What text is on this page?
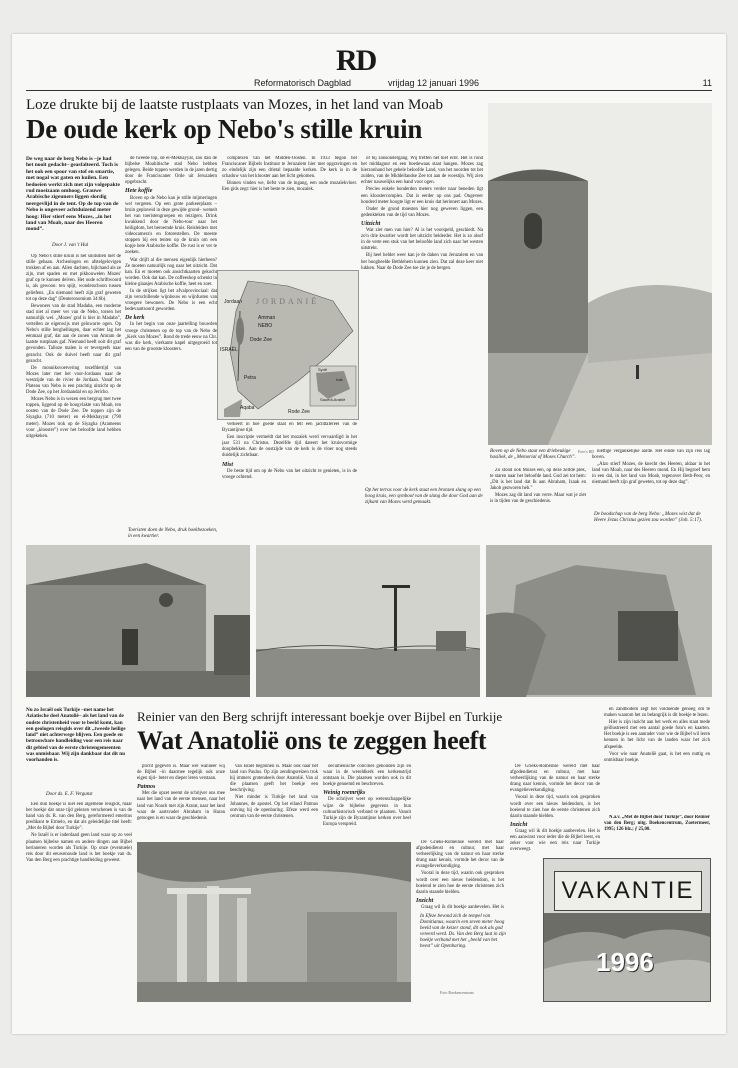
RD
Reformatorisch Dagblad	vrijdag 12 januari 1996	11
Loze drukte bij de laatste rustplaats van Mozes, in het land van Moab
De oude kerk op Nebo's stille kruin
De weg naar de berg Nebo is –je had het nooit gedacht– geasfalteerd. Toch is het ook een spoor van stof en smartie, met nogal wat gaten en kuilen. Een bedoeïen werkt zich met zijn volgepakte rud moeizaam omhoog. Grauwe Arabische zigeuners liggen slordig neergevlijd in de tent. Op de top van de Nebo is ongeveer achtduizend meter hoog: Hier stierf eens Mozes, „in het land van Moab, naar des Heeren mond”.
Door J. van 't Hul

Op Nebo's stille kruin is het sindsdien niet de stille gebaan. Archeologen en afstelgelovigen trokken af en aan. Allen dachten, bijlchand als ze zijn, met spaden en met pikhouwelen Mozes' graf op te kunnen delven. Het oude schriftwoord is, als gewoon: ten spijt, wonderschoon tussen geliefens. „En niemand heeft zijn graf geweten tot op deze dag” (Deuteronomium 34:6b).

Bewoners van de stad Madaba, een moderne stad niet al meer ver van de Nebo, torsen het natuurlijk wel. „Mozes' graf is hier in Madaba”, vertellen ze eigenwijs met geïnwarre ogen. Op Nebo's stille berghellingen, daar echter lag het eenmaal graf, dat aan de zonen van Amram de laatste rustplaats gaf. Niemand heeft ooit dit graf gevonden. Talloze malen is er tevergeefs naar gezocht. Ook de duivel heeft naar dit graf gezocht.

De monniksvoetvering tezelfdertijd van Mozes later met het voor-Jordaans naar de westzijde van de rivier de Jordaan. Vanaf het Plateau van Nebo is een prachtig uitzicht op de Dode Zee, op het Jordaandal en op Jericho.

Mozes Nebo is in wezen een bergrug met twee toppen, liggend op de hoogvlakte van Moab, ten oosten van de Dode Zee. De toppen zijn de Siyagha (710 meter) en el-Mekhayyat (790 meter). Mozes trok op de Siyagha (Arameens voor „klooster”) over het beloofde land hebben uitgekeken.

de tweede top, de el-Mekhayyat, zou dan de bijbelse Moabitische stad Nebo hebben gelegen. Beide toppen werden in de jaren dertig door de Franciscaner Orde uit Jeruzalem opgebracht.

Hete koffie

Boven op de Nebo kan je stille mijmeringen wel vergeten. Op een grote parkeerplaats –bruin geplaveid in deze gewijde grond– wemelt het van toeristengroepen en reizigers. Drink kwakkend door de Nebo-tour naar het heiligdom, het beroemde kruis. Reisleiders met videocamera's en fotorestellen. De meeste stoppen bij een tenten op de kruin om een kopje hete Arabische koffie. De rust is er ver te zoeken.

Wat drijft al die mensen eigenlijk hierheen? Ze moeten natuurlijk nog naar het uitzicht. Dat kan. En er moeten ook ansichtkaarten gekocht worden. Ook dat kan. De coffeeshop schenkt in kleine glaasjes Arabische koffie, heet en zoet.

In de strijken ligt het afvalprovinciaal: dat zijn verschillende wijnbouw en wijnfusten van vroegere bewoners. De Nebo is een echt bedevaartsoord geworden.

De kerk

In het begin van onze jaartelling bouwden vroege christenen op de top van de Nebo de „Kerk van Mozes”. Rond de trede eeuw na Chr. was die kerk, vierkante kapel uitgegroeid tot een van de grootste kloosters.

Toeristen doen de Nebo, druk hoekbezoeken, in een kwartier.

complexen van het Midden-Oosten. In 1933 begon het Franciscaner Bijbels Instituut te Jeruzalem hier met opgravingen en zo eindelijk zijn een drietal bepaalde kerken. De kerk is in de schaduw van het klooster aan het licht gekomen.

Binnen vinden we, liefst van de ingang, een oude mozaïekvloer. Een gids zegt: hier is het beste te zien, mozaïek.

JORDANIË
Amman
NEBO
Dode Zee
Petra
Aqaba
Rode Zee
ISRAËL
Jordaan
Syrië
Irak
Saoedi-Arabië

verkeert in hoe goede staat en telt een jachttafereel van de Byzantijnse tijd.

Een inscriptie vermeldt dat het mozaïek werd vervaardigd in het jaar 531 na Christus. Dezelfde tijd dateert het kruisvormige doopbekken. Aan de oostzijde van de kerk is de vloer nog steeds duidelijk zichtbaar.

Mist

De beste tijd om op de Nebo van het uitzicht te genieten, is in de vroege ochtend.

of bij zonsondergang. Wij treffen het niet echt. Het is rond het middaguur en een boedewaas staat hangen. Mozes zag hierzonhand het gehele beloofde Land, van het noorden tot het zuiden, van de Middellandse Zee tot aan de woestijn. Wij zien echter nauwelijks een hand voor ogen.

Precies enkele honderden meters verder naar beneden ligt een kloostercomplex. Dat is eerder op ons pad. Ongeveer honderd meter hoogte ligt er een kruis dat herinnert aan Mozes.

Onder de grond moesten hier nog geweven liggen, een gedenkteken van de tijd van Mozes.

Uitzicht

Wat ziet men van hier? Al is het voorspeld, geschiedt. Na zo'n drie kwartier wordt het uitzicht helderder. Het is zo alsof in de verte een stuk van het beloofde land zich naar het westen uitstrekt.

Bij heel helder weer kan je de daken van Jeruzalem en van het hoogbeelde Bethlehem kunnen zien. Dat zal deze keer niet lukken. Naar de Dode Zee toe zie je de bergen.

Op het terras voor de kerk staat een bronzen slang op een hoog kruis, een symbool van de slang die door God aan de zijkant van Mozes werd gemaakt.
Boven op de Nebo staat een driebeukige basiliek, de „Memorial of Moses Church”.
Foto's RD

Zo stond ook Mozes een, op deze zelfde plek, te staren naar het beloofde land. God zei tot hem: „Dit is het land dat Ik aan Abraham, Izaak en Jakob gezworen heb.”

Mozes zag dit land van verre. Maar wat je ziet is in tijden van de geschiedenis.

niettige vergankelijke aarde. Het einde van zijn reis lag boven.

„Alzo stierf Mozes, de knecht des Heeren, aldaar in het land van Moab, naar des Heeren mond. En Hij begroef hem in een dal, in het land van Moab, tegenover Beth-Peor, en niemand heeft zijn graf geweten, tot op deze dag”.

De boodschap van de berg Nebo: „Mozes wist dat de Heere Jezus Christus gezien zou worden” (Joh. 5:17).
Nu zo Israël ook Turkije –met name het Aziatische deel Anatolië– als het land van de oudste christenheid voor te beeld komt, kan een geologen reisgids over dit „tweede heilige land” niet achterwege blijven. Een goede en betrouwbare handleiding voor een reis naar dit gebied van de eerste christengemeenten was onmisbaar. Wij zijn dankbaar dat dit nu voorhanden is.
Door ds. E. F. Vergunst

Een dun boekje is niet een algemene reisgids, maar het boekje dat onze tijd gelezen verschenen is van de hand van ds. R. van den Berg, gereformeerd emeritus predikant te Ermelo, en dat als geleidelijke titel heeft: „Met de Bijbel door Turkije”.

Ne Israël is er inderdaad geen land waar op zo veel plaatsen bijbelse namen en andere dingen aan Bijbel herinneren worden als Turkije. Op onze (eventuele) reis door dit eeuwenoude land is het boekje van ds. Van den Berg een prachtige handleiding geweest.

Reinier van den Berg schrijft interessant boekje over Bijbel en Turkije
Wat Anatolië ons te zeggen heeft

plicht gegeven is. Maar wel wanneer wij de Bijbel –in daarmee tegelijk ook onze eigen tijd– beter en dieper leren verstaan.

Patmos

Met die opzet neemt de schrijver ons mee naar het land van de eerste mensen, naar het land van Noach met zijn Ararat, naar het land waar de aartsvader Abraham in Haran getoogen is en waar de geschiedenis

van Israël begonnen is. Maar ook naar het land van Paulus. Op zijn zendingsreizen trok hij immers grotendeels door Anatolië. Van al die plaatsen geeft het boekje een beschrijving.

Niet minder is Turkije het land van Johannes, de apostel. Op het eiland Patmos ontving hij de openbaring. Efeze werd een centrum van de eerste christenen.

oecumenische concilies gehouden zijn en waar in de wereldkerk een kerkenstrijd ontstaan is. Die plaatsen worden ook in dit boekje genoemd en beschreven.

Weinig roemrijks

De schrijver weet op wetenschappelijke wijze de bijbelse gegevens in hun cultuurhistorisch verband te plaatsen. Vanuit Turkije zijn de Byzantijnse kerken over heel Europa verspreid.

De Grieks-Romeinse wereld met haar afgodendienst en cultuur, met haar verheerlijking van de natuur en haar sterke drang naar kennis, vormde het decor van de evangelieverkondiging.

Vooral in deze tijd, waarin ook gesproken wordt over een nieuw heidendom, is het boeiend te zien hoe de eerste christenen zich daarin staande hielden.

Inzicht

Graag wil ik dit boekje aanbevelen. Het is

In Efeze bevond zich de tempel van Domitianus, waarin een zeven meter hoog beeld van de keizer stond, dit ook als god vereerd werd. Ds. Van den Berg laat in zijn boekje verband met het „beeld van het beest” uit Openbaring.
Foto Boekencentrum

De Grieks-Romeinse wereld met haar afgodendienst en cultuur, met haar verheerlijking van de natuur en haar sterke drang naar kennis, vormde het decor van de evangelieverkondiging.

Vooral in deze tijd, waarin ook gesproken wordt over een nieuw heidendom, is het boeiend te zien hoe de eerste christenen zich daarin staande hielden.

Inzicht

Graag wil ik dit boekje aanbevelen. Het is een aanwinst voor ieder die de Bijbel leest, en zeker voor wie een reis naar Turkije overweegt.

en zandbodem zegt het voldoende genoeg om te maken waarom het zo belangrijk is dit boekje te lezen.

Hier is zijn inzicht aan het werk en alles staat mede geïllustreerd met een aantal goede foto's en kaarten. Het boekje is een aanrader voor wie de Bijbel wil leren kennen in het licht van de landen waar het zich afspeelde.

Voor wie naar Anatolië gaat, is het een nuttig en onmisbaar boekje.

N.a.v. „Met de Bijbel door Turkije”, door Reinier van den Berg; uitg. Boekencentrum, Zoetermeer, 1995; 126 blz.; ƒ 25,00.

VAKANTIE
1996
